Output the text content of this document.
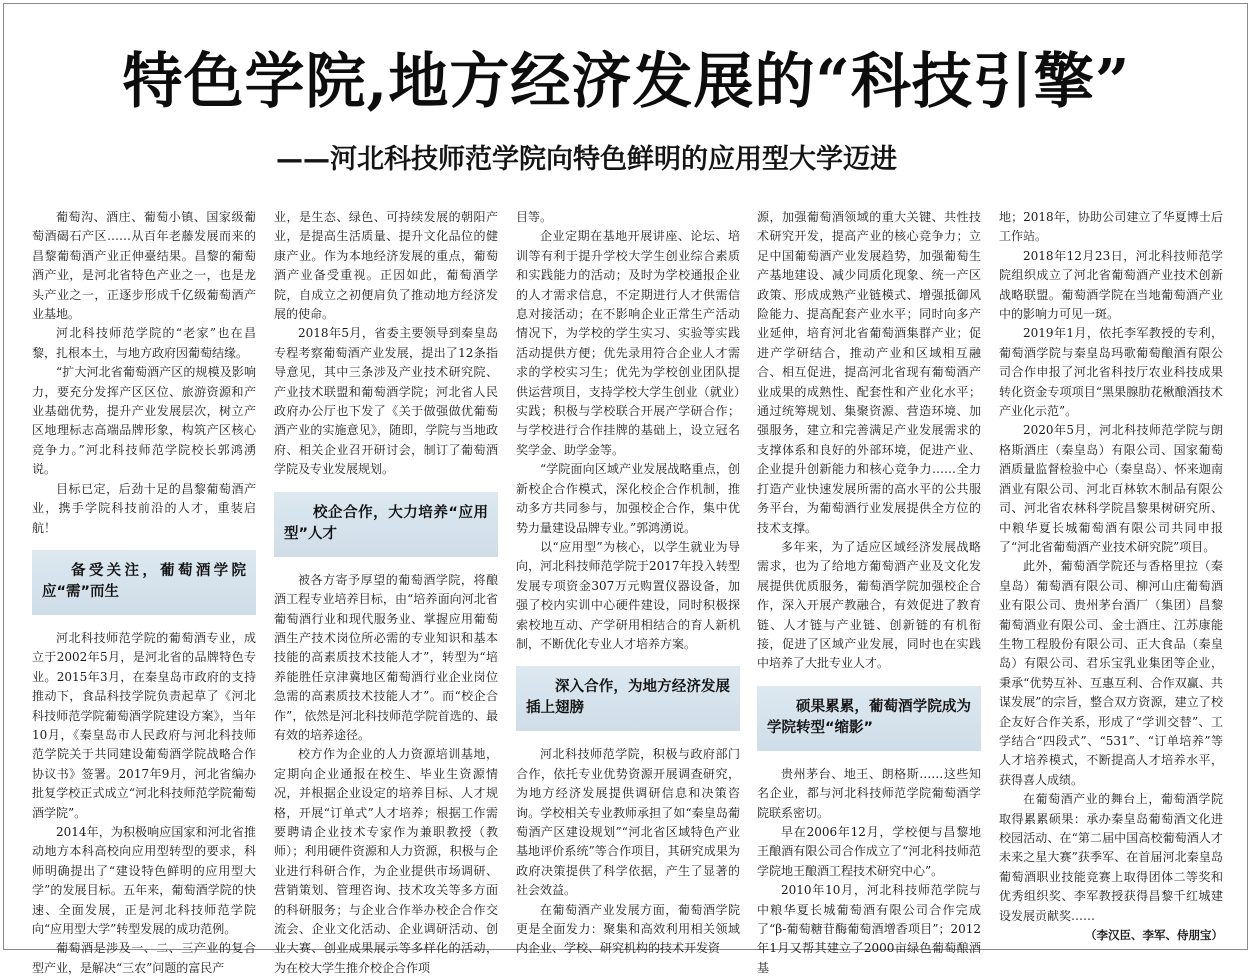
特色学院,地方经济发展的“科技引擎”
——河北科技师范学院向特色鲜明的应用型大学迈进

葡萄沟、酒庄、葡萄小镇、国家级葡萄酒碣石产区……从百年老藤发展而来的昌黎葡萄酒产业正伸臺结果。昌黎的葡萄酒产业，是河北省特色产业之一，也是龙头产业之一，正逐步形成千亿级葡萄酒产业基地。

河北科技师范学院的“老家”也在昌黎，扎根本土，与地方政府因葡萄结缘。

“扩大河北省葡萄酒产区的规模及影响力，要充分发挥产区区位、旅游资源和产业基础优势，提升产业发展层次，树立产区地理标志高端品牌形象，构筑产区核心竞争力。”河北科技师范学院校长郭鸿湧说。

目标已定，后劲十足的昌黎葡萄酒产业，携手学院科技前沿的人才，重装启航！

备受关注，葡萄酒学院应“需”而生

河北科技师范学院的葡萄酒专业，成立于2002年5月，是河北省的品牌特色专业。2015年3月，在秦皇岛市政府的支持推动下，食品科技学院负责起草了《河北科技师范学院葡萄酒学院建设方案》，当年10月，《秦皇岛市人民政府与河北科技师范学院关于共同建设葡萄酒学院战略合作协议书》签署。2017年9月，河北省编办批复学校正式成立“河北科技师范学院葡萄酒学院”。

2014年，为积极响应国家和河北省推动地方本科高校向应用型转型的要求，科师明确提出了“建设特色鲜明的应用型大学”的发展目标。五年来，葡萄酒学院的快速、全面发展，正是河北科技师范学院向“应用型大学”转型发展的成功范例。

葡萄酒是涉及一、二、三产业的复合型产业，是解决“三农”问题的富民产

业，是生态、绿色、可持续发展的朝阳产业，是提高生活质量、提升文化品位的健康产业。作为本地经济发展的重点，葡萄酒产业备受重视。正因如此，葡萄酒学院，自成立之初便肩负了推动地方经济发展的使命。

2018年5月，省委主要领导到秦皇岛专程考察葡萄酒产业发展，提出了12条指导意见，其中三条涉及产业技术研究院、产业技术联盟和葡萄酒学院；河北省人民政府办公厅也下发了《关于做强做优葡萄酒产业的实施意见》，随即，学院与当地政府、相关企业召开研讨会，制订了葡萄酒学院及专业发展规划。

校企合作，大力培养“应用型”人才

被各方寄予厚望的葡萄酒学院，将酿酒工程专业培养目标，由“培养面向河北省葡萄酒行业和现代服务业、掌握应用葡萄酒生产技术岗位所必需的专业知识和基本技能的高素质技术技能人才”，转型为“培养能胜任京津冀地区葡萄酒行业企业岗位急需的高素质技术技能人才”。而“校企合作”，依然是河北科技师范学院首选的、最有效的培养途径。

校方作为企业的人力资源培训基地，定期向企业通报在校生、毕业生资源情况，并根据企业设定的培养目标、人才规格，开展“订单式”人才培养；根据工作需要聘请企业技术专家作为兼职教授（教师）；利用硬件资源和人力资源，积极与企业进行科研合作，为企业提供市场调研、营销策划、管理咨询、技术攻关等多方面的科研服务；与企业合作举办校企合作交流会、企业文化活动、企业调研活动、创业大赛、创业成果展示等多样化的活动，为在校大学生推介校企合作项

目等。

企业定期在基地开展讲座、论坛、培训等有利于提升学校大学生创业综合素质和实践能力的活动；及时为学校通报企业的人才需求信息，不定期进行人才供需信息对接活动；在不影响企业正常生产活动情况下，为学校的学生实习、实验等实践活动提供方便；优先录用符合企业人才需求的学校实习生；优先为学校创业团队提供运营项目，支持学校大学生创业（就业）实践；积极与学校联合开展产学研合作；与学校进行合作挂牌的基础上，设立冠名奖学金、助学金等。

“学院面向区域产业发展战略重点，创新校企合作模式，深化校企合作机制，推动多方共同参与，加强校企合作，集中优势力量建设品牌专业。”郭鸿湧说。

以“应用型”为核心，以学生就业为导向，河北科技师范学院于2017年投入转型发展专项资金307万元购置仪器设备，加强了校内实训中心硬件建设，同时积极探索校地互动、产学研用相结合的育人新机制，不断优化专业人才培养方案。

深入合作，为地方经济发展插上翅膀

河北科技师范学院，积极与政府部门合作，依托专业优势资源开展调查研究，为地方经济发展提供调研信息和决策咨询。学校相关专业教师承担了如“秦皇岛葡萄酒产区建设规划”“河北省区域特色产业基地评价系统”等合作项目，其研究成果为政府决策提供了科学依据，产生了显著的社会效益。

在葡萄酒产业发展方面，葡萄酒学院更是全面发力：聚集和高效利用相关领域内企业、学校、研究机构的技术开发资

源，加强葡萄酒领域的重大关键、共性技术研究开发，提高产业的核心竞争力；立足中国葡萄酒产业发展趋势，加强葡萄生产基地建设、减少同质化现象、统一产区政策、形成成熟产业链模式、增强抵御风险能力、提高配套产业水平；同时向多产业延伸，培育河北省葡萄酒集群产业；促进产学研结合，推动产业和区域相互融合、相互促进，提高河北省现有葡萄酒产业成果的成熟性、配套性和产业化水平；通过统筹规划、集聚资源、营造环境、加强服务，建立和完善满足产业发展需求的支撑体系和良好的外部环境，促进产业、企业提升创新能力和核心竞争力……全力打造产业快速发展所需的高水平的公共服务平台，为葡萄酒行业发展提供全方位的技术支撑。

多年来，为了适应区域经济发展战略需求，也为了给地方葡萄酒产业及文化发展提供优质服务，葡萄酒学院加强校企合作，深入开展产教融合，有效促进了教育链、人才链与产业链、创新链的有机衔接，促进了区域产业发展，同时也在实践中培养了大批专业人才。

硕果累累，葡萄酒学院成为学院转型“缩影”

贵州茅台、地王、朗格斯……这些知名企业，都与河北科技师范学院葡萄酒学院联系密切。

早在2006年12月，学校便与昌黎地王酿酒有限公司合作成立了“河北科技师范学院地王酿酒工程技术研究中心”。

2010年10月，河北科技师范学院与中粮华夏长城葡萄酒有限公司合作完成了“β-葡萄糖苷酶葡萄酒增香项目”；2012年1月又帮其建立了2000亩绿色葡萄酿酒基

地；2018年，协助公司建立了华夏博士后工作站。

2018年12月23日，河北科技师范学院组织成立了河北省葡萄酒产业技术创新战略联盟。葡萄酒学院在当地葡萄酒产业中的影响力可见一斑。

2019年1月，依托李军教授的专利，葡萄酒学院与秦皇岛玛歌葡萄酿酒有限公司合作申报了河北省科技厅农业科技成果转化资金专项项目“黑果腺肋花楸酿酒技术产业化示范”。

2020年5月，河北科技师范学院与朗格斯酒庄（秦皇岛）有限公司、国家葡萄酒质量监督检验中心（秦皇岛）、怀来迦南酒业有限公司、河北百林软木制品有限公司、河北省农林科学院昌黎果树研究所、中粮华夏长城葡萄酒有限公司共同申报了“河北省葡萄酒产业技术研究院”项目。

此外，葡萄酒学院还与香格里拉（秦皇岛）葡萄酒有限公司、柳河山庄葡萄酒业有限公司、贵州茅台酒厂（集团）昌黎葡萄酒业有限公司、金士酒庄、江苏康能生物工程股份有限公司、正大食品（秦皇岛）有限公司、君乐宝乳业集团等企业，秉承“优势互补、互惠互利、合作双赢、共谋发展”的宗旨，整合双方资源，建立了校企友好合作关系，形成了“学训交替”、工学结合“四段式”、“531”、“订单培养”等人才培养模式，不断提高人才培养水平，获得喜人成绩。

在葡萄酒产业的舞台上，葡萄酒学院取得累累硕果：承办秦皇岛葡萄酒文化进校园活动、在“第二届中国高校葡萄酒人才未来之星大赛”获季军、在首届河北秦皇岛葡萄酒职业技能竞赛上取得团体二等奖和优秀组织奖、李军教授获得昌黎千红城建设发展贡献奖……

（李汉臣、李军、侍朋宝）
